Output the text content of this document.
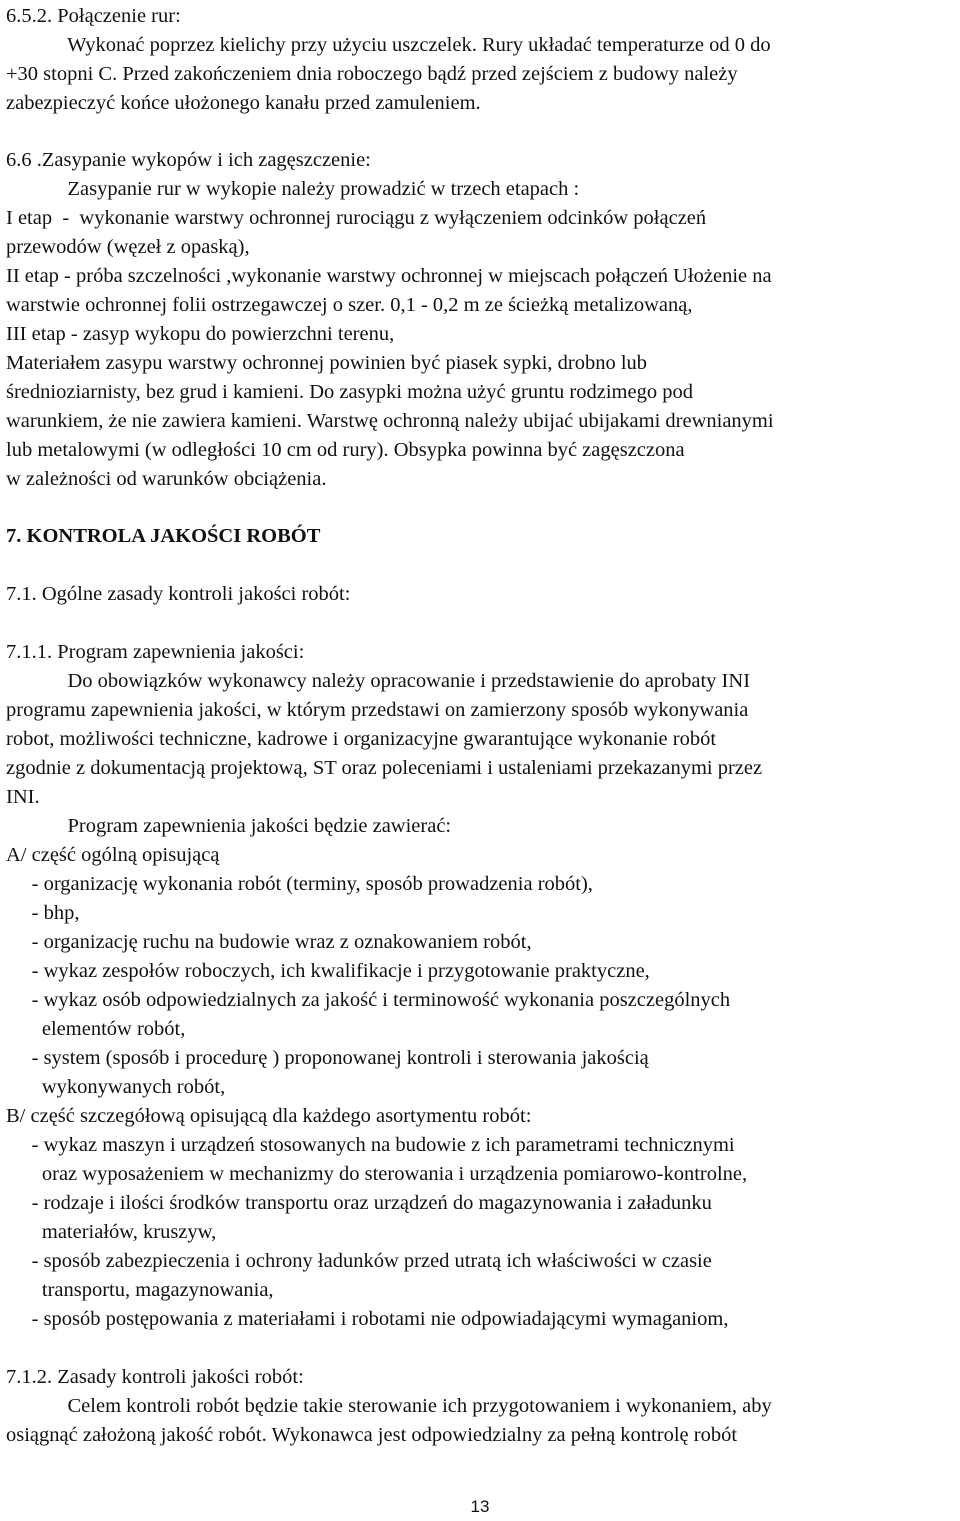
6.5.2. Połączenie rur:
Wykonać poprzez kielichy przy użyciu uszczelek. Rury układać temperaturze od 0 do
+30 stopni C. Przed zakończeniem dnia roboczego bądź przed zejściem z budowy należy
zabezpieczyć końce ułożonego kanału przed zamuleniem.
6.6 .Zasypanie wykopów i ich zagęszczenie:
Zasypanie rur w wykopie należy prowadzić w trzech etapach :
I etap  -  wykonanie warstwy ochronnej rurociągu z wyłączeniem odcinków połączeń
przewodów (węzeł z opaską),
II etap - próba szczelności ,wykonanie warstwy ochronnej w miejscach połączeń Ułożenie na
warstwie ochronnej folii ostrzegawczej o szer. 0,1 - 0,2 m ze ścieżką metalizowaną,
III etap - zasyp wykopu do powierzchni terenu,
Materiałem zasypu warstwy ochronnej powinien być piasek sypki, drobno lub
średnioziarnisty, bez grud i kamieni. Do zasypki można użyć gruntu rodzimego pod
warunkiem, że nie zawiera kamieni. Warstwę ochronną należy ubijać ubijakami drewnianymi
lub metalowymi (w odległości 10 cm od rury). Obsypka powinna być zagęszczona
w zależności od warunków obciążenia.
7. KONTROLA JAKOŚCI ROBÓT
7.1. Ogólne zasady kontroli jakości robót:
7.1.1. Program zapewnienia jakości:
Do obowiązków wykonawcy należy opracowanie i przedstawienie do aprobaty INI
programu zapewnienia jakości, w którym przedstawi on zamierzony sposób wykonywania
robot, możliwości techniczne, kadrowe i organizacyjne gwarantujące wykonanie robót
zgodnie z dokumentacją projektową, ST oraz poleceniami i ustaleniami przekazanymi przez
INI.
Program zapewnienia jakości będzie zawierać:
A/ część ogólną opisującą
- organizację wykonania robót (terminy, sposób prowadzenia robót),
- bhp,
- organizację ruchu na budowie wraz z oznakowaniem robót,
- wykaz zespołów roboczych, ich kwalifikacje i przygotowanie praktyczne,
- wykaz osób odpowiedzialnych za jakość i terminowość wykonania poszczególnych
elementów robót,
- system (sposób i procedurę ) proponowanej kontroli i sterowania jakością
wykonywanych robót,
B/ część szczegółową opisującą dla każdego asortymentu robót:
- wykaz maszyn i urządzeń stosowanych na budowie z ich parametrami technicznymi
oraz wyposażeniem w mechanizmy do sterowania i urządzenia pomiarowo-kontrolne,
- rodzaje i ilości środków transportu oraz urządzeń do magazynowania i załadunku
materiałów, kruszyw,
- sposób zabezpieczenia i ochrony ładunków przed utratą ich właściwości w czasie
transportu, magazynowania,
- sposób postępowania z materiałami i robotami nie odpowiadającymi wymaganiom,
7.1.2. Zasady kontroli jakości robót:
Celem kontroli robót będzie takie sterowanie ich przygotowaniem i wykonaniem, aby
osiągnąć założoną jakość robót. Wykonawca jest odpowiedzialny za pełną kontrolę robót
13
